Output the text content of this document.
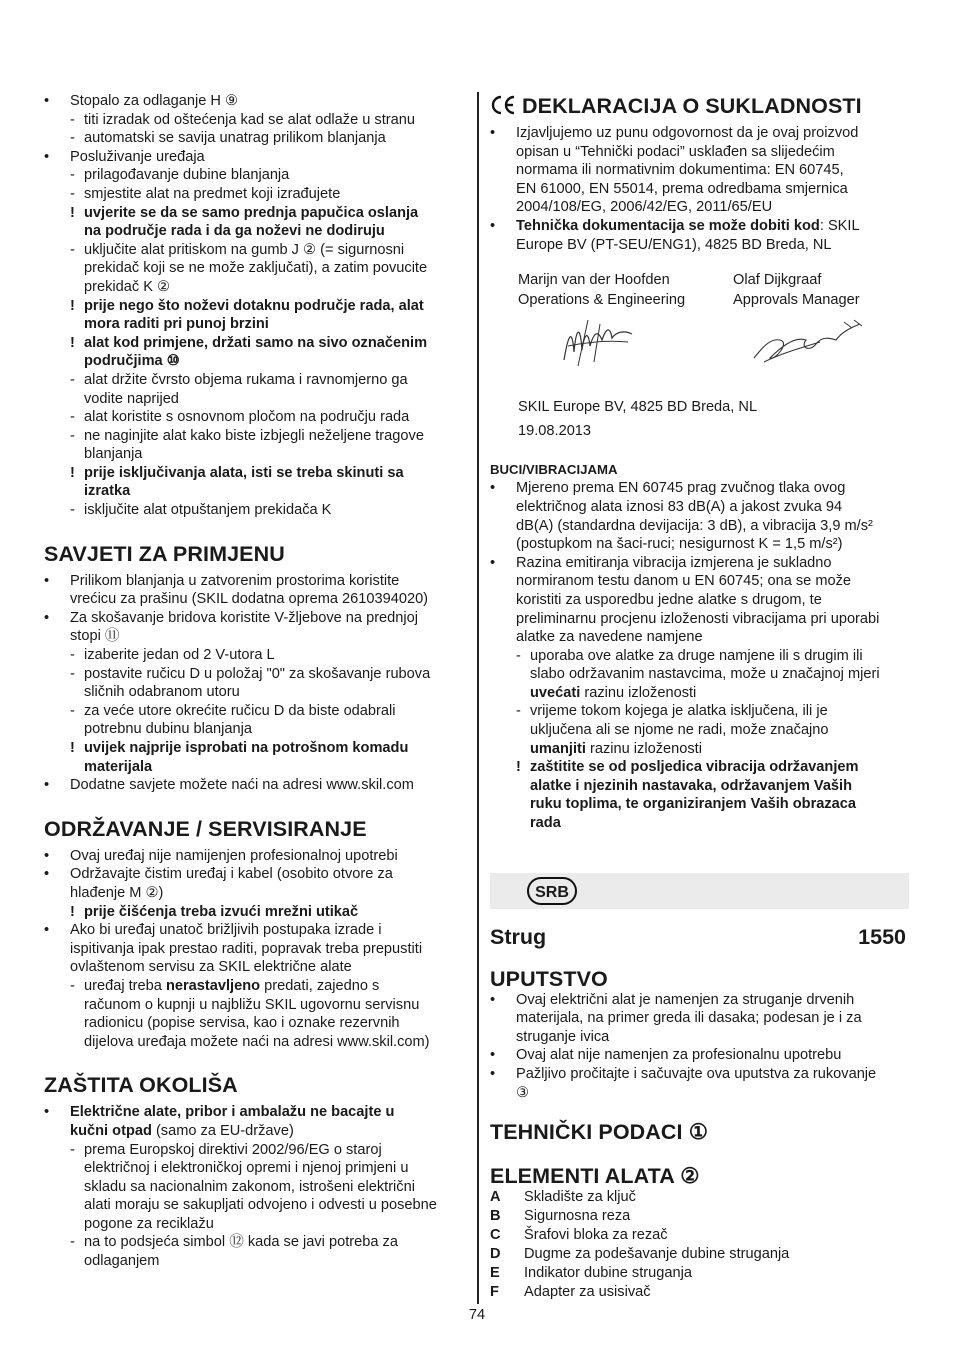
• Stopalo za odlaganje H ⑨
- titi izradak od oštećenja kad se alat odlaže u stranu
- automatski se savija unatrag prilikom blanjanja
• Posluživanje uređaja
- prilagođavanje dubine blanjanja
- smjestite alat na predmet koji izrađujete
! uvjerite se da se samo prednja papučica oslanja
na područje rada i da ga noževi ne dodiruju
- uključite alat pritiskom na gumb J ② (= sigurnosni
prekidač koji se ne može zaključati), a zatim povucite
prekidač K ②
! prije nego što noževi dotaknu područje rada, alat
mora raditi pri punoj brzini
! alat kod primjene, držati samo na sivo označenim
područjima ⑩
- alat držite čvrsto objema rukama i ravnomjerno ga
vodite naprijed
- alat koristite s osnovnom pločom na području rada
- ne naginjite alat kako biste izbjegli neželjene tragove
blanjanja
! prije isključivanja alata, isti se treba skinuti sa
izratka
- isključite alat otpuštanjem prekidača K
SAVJETI ZA PRIMJENU
• Prilikom blanjanja u zatvorenim prostorima koristite
vrećicu za prašinu (SKIL dodatna oprema 2610394020)
• Za skošavanje bridova koristite V-žljebove na prednjoj
stopi ⑪
- izaberite jedan od 2 V-utora L
- postavite ručicu D u položaj "0" za skošavanje rubova
sličnih odabranom utoru
- za veće utore okrećite ručicu D da biste odabrali
potrebnu dubinu blanjanja
! uvijek najprije isprobati na potrošnom komadu
materijala
• Dodatne savjete možete naći na adresi www.skil.com
ODRŽAVANJE / SERVISIRANJE
• Ovaj uređaj nije namijenjen profesionalnoj upotrebi
• Održavajte čistim uređaj i kabel (osobito otvore za
hlađenje M ②)
! prije čišćenja treba izvući mrežni utikač
• Ako bi uređaj unatoč brižljivih postupaka izrade i
ispitivanja ipak prestao raditi, popravak treba prepustiti
ovlaštenom servisu za SKIL električne alate
- uređaj treba nerastavljeno predati, zajedno s
računom o kupnji u najbližu SKIL ugovornu servisnu
radionicu (popise servisa, kao i oznake rezervnih
dijelova uređaja možete naći na adresi www.skil.com)
ZAŠTITA OKOLIŠA
• Električne alate, pribor i ambalažu ne bacajte u
kučni otpad (samo za EU-države)
- prema Europskoj direktivi 2002/96/EG o staroj
električnoj i elektroničkoj opremi i njenoj primjeni u
skladu sa nacionalnim zakonom, istrošeni električni
alati moraju se sakupljati odvojeno i odvesti u posebne
pogone za reciklažu
- na to podsjeća simbol ⑫ kada se javi potreba za
odlaganjem
DEKLARACIJA O SUKLADNOSTI
• Izjavljujemo uz punu odgovornost da je ovaj proizvod
opisan u “Tehnički podaci” usklađen sa slijedećim
normama ili normativnim dokumentima: EN 60745,
EN 61000, EN 55014, prema odredbama smjernica
2004/108/EG, 2006/42/EG, 2011/65/EU
• Tehnička dokumentacija se može dobiti kod: SKIL
Europe BV (PT-SEU/ENG1), 4825 BD Breda, NL
Marijn van der Hoofden
Operations & Engineering
Olaf Dijkgraaf
Approvals Manager
SKIL Europe BV, 4825 BD Breda, NL
19.08.2013
BUCI/VIBRACIJAMA
• Mjereno prema EN 60745 prag zvučnog tlaka ovog
električnog alata iznosi 83 dB(A) a jakost zvuka 94
dB(A) (standardna devijacija: 3 dB), a vibracija 3,9 m/s²
(postupkom na šaci-ruci; nesigurnost K = 1,5 m/s²)
• Razina emitiranja vibracija izmjerena je sukladno
normiranom testu danom u EN 60745; ona se može
koristiti za usporedbu jedne alatke s drugom, te
preliminarnu procjenu izloženosti vibracijama pri uporabi
alatke za navedene namjene
- uporaba ove alatke za druge namjene ili s drugim ili
slabo održavanim nastavcima, može u značajnoj mjeri
uvećati razinu izloženosti
- vrijeme tokom kojega je alatka isključena, ili je
uključena ali se njome ne radi, može značajno
umanjiti razinu izloženosti
! zaštitite se od posljedica vibracija održavanjem
alatke i njezinih nastavaka, održavanjem Vaših
ruku toplima, te organiziranjem Vaših obrazaca
rada
SRB
Strug	1550
UPUTSTVO
• Ovaj električni alat je namenjen za struganje drvenih
materijala, na primer greda ili dasaka; podesan je i za
struganje ivica
• Ovaj alat nije namenjen za profesionalnu upotrebu
• Pažljivo pročitajte i sačuvajte ova uputstva za rukovanje
③
TEHNIČKI PODACI ①
ELEMENTI ALATA ②
A Skladište za ključ
B Sigurnosna reza
C Šrafovi bloka za rezač
D Dugme za podešavanje dubine struganja
E Indikator dubine struganja
F Adapter za usisivač
74
